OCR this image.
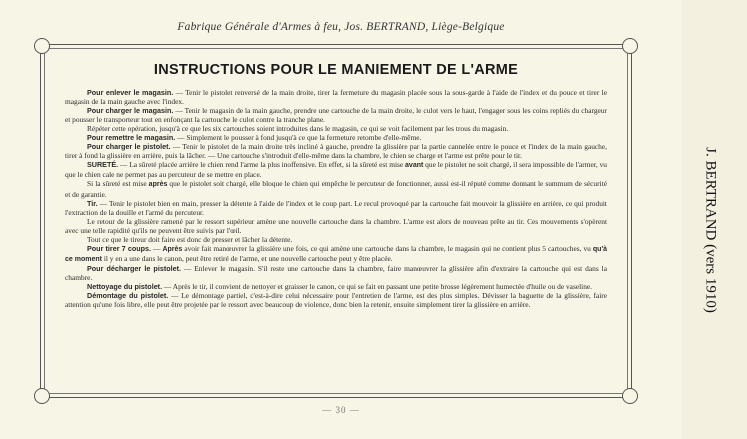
Fabrique Générale d'Armes à feu, Jos. BERTRAND, Liège-Belgique
INSTRUCTIONS POUR LE MANIEMENT DE L'ARME

Pour enlever le magasin. — Tenir le pistolet renversé de la main droite, tirer la fermeture du magasin placée sous la sous-garde à l'aide de l'index et du pouce et tirer le magasin de la main gauche avec l'index.

Pour charger le magasin. — Tenir le magasin de la main gauche, prendre une cartouche de la main droite, le culot vers le haut, l'engager sous les coins repliés du chargeur et pousser le transporteur tout en enfonçant la cartouche le culot contre la tranche plane.

Répéter cette opération, jusqu'à ce que les six cartouches soient introduites dans le magasin, ce qui se voit facilement par les trous du magasin.

Pour remettre le magasin. — Simplement le pousser à fond jusqu'à ce que la fermeture retombe d'elle-même.

Pour charger le pistolet. — Tenir le pistolet de la main droite très incliné à gauche, prendre la glissière par la partie cannelée entre le pouce et l'index de la main gauche, tirer à fond la glissière en arrière, puis la lâcher. — Une cartouche s'introduit d'elle-même dans la chambre, le chien se charge et l'arme est prête pour le tir.

SURETÉ. — La sûreté placée arrière le chien rend l'arme la plus inoffensive. En effet, si la sûreté est mise avant que le pistolet ne soit chargé, il sera impossible de l'armer, vu que le chien cale ne permet pas au percuteur de se mettre en place.

Si la sûreté est mise après que le pistolet soit chargé, elle bloque le chien qui empêche le percuteur de fonctionner, aussi est-il réputé comme donnant le summum de sécurité et de garantie.

Tir. — Tenir le pistolet bien en main, presser la détente à l'aide de l'index et le coup part. Le recul provoqué par la cartouche fait mouvoir la glissière en arrière, ce qui produit l'extraction de la douille et l'armé du percuteur.

Le retour de la glissière ramené par le ressort supérieur amène une nouvelle cartouche dans la chambre. L'arme est alors de nouveau prête au tir. Ces mouvements s'opèrent avec une telle rapidité qu'ils ne peuvent être suivis par l'œil.

Tout ce que le tireur doit faire est donc de presser et lâcher la détente.

Pour tirer 7 coups. — Après avoir fait manœuvrer la glissière une fois, ce qui amène une cartouche dans la chambre, le magasin qui ne contient plus 5 cartouches, vu qu'à ce moment il y en a une dans le canon, peut être retiré de l'arme, et une nouvelle cartouche peut y être placée.

Pour décharger le pistolet. — Enlever le magasin. S'il reste une cartouche dans la chambre, faire manœuvrer la glissière afin d'extraire la cartouche qui est dans la chambre.

Nettoyage du pistolet. — Après le tir, il convient de nettoyer et graisser le canon, ce qui se fait en passant une petite brosse légèrement humectée d'huile ou de vaseline.

Démontage du pistolet. — Le démontage partiel, c'est-à-dire celui nécessaire pour l'entretien de l'arme, est des plus simples. Dévisser la baguette de la glissière, faire attention qu'une fois libre, elle peut être projetée par le ressort avec beaucoup de violence, donc bien la retenir, ensuite simplement tirer la glissière en arrière.

— 30 —
J. BERTRAND (vers 1910)
